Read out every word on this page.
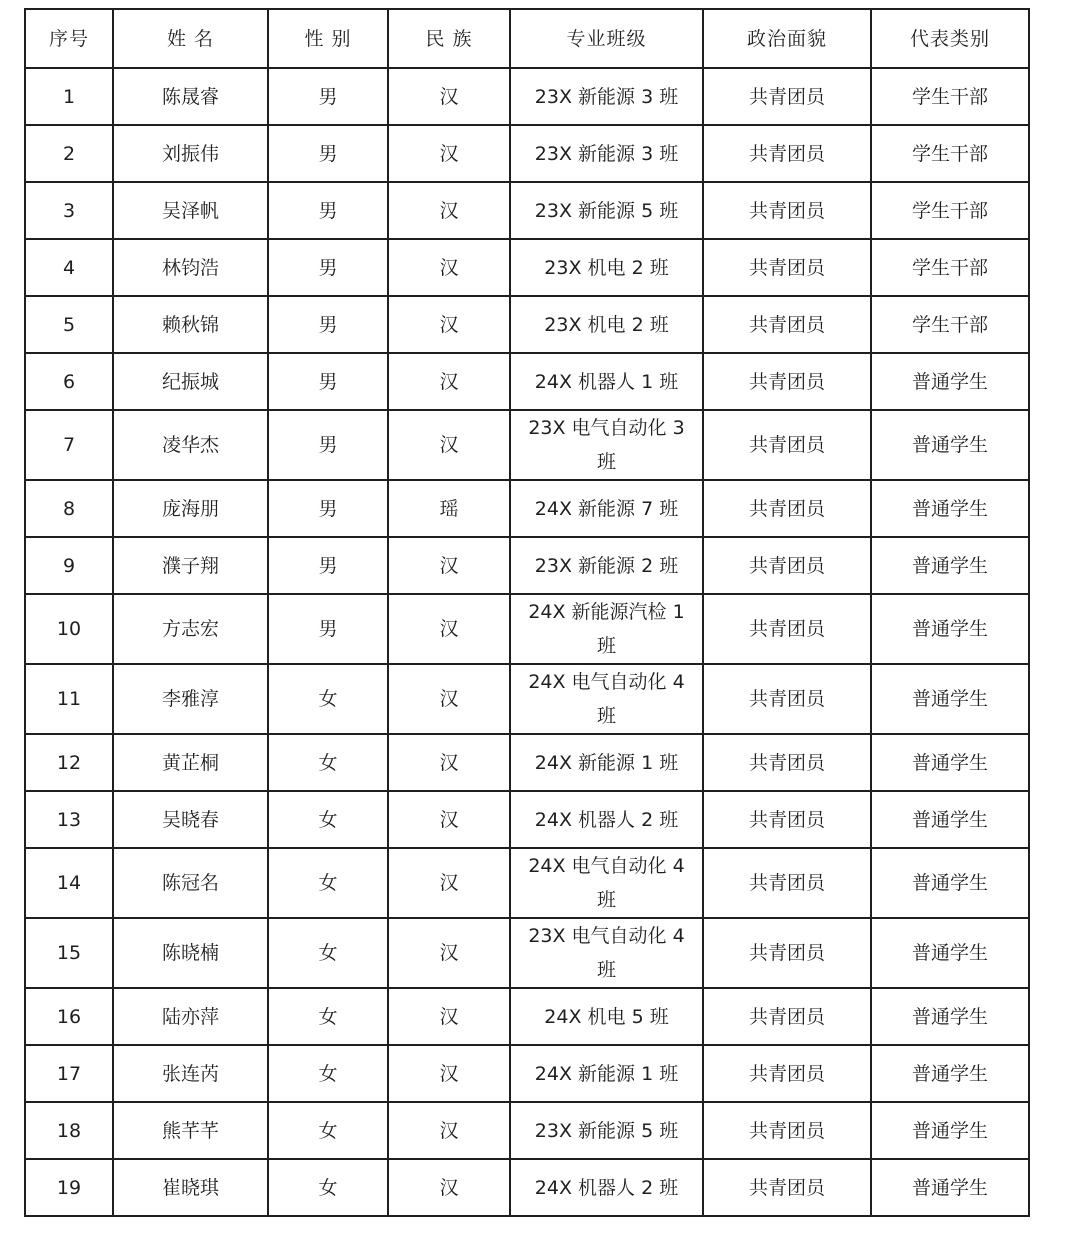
序号	姓 名	性 别	民 族	专业班级	政治面貌	代表类别
1	陈晟睿	男	汉	23X 新能源 3 班	共青团员	学生干部
2	刘振伟	男	汉	23X 新能源 3 班	共青团员	学生干部
3	吴泽帆	男	汉	23X 新能源 5 班	共青团员	学生干部
4	林钧浩	男	汉	23X 机电 2 班	共青团员	学生干部
5	赖秋锦	男	汉	23X 机电 2 班	共青团员	学生干部
6	纪振城	男	汉	24X 机器人 1 班	共青团员	普通学生
7	凌华杰	男	汉	23X 电气自动化 3 班	共青团员	普通学生
8	庞海朋	男	瑶	24X 新能源 7 班	共青团员	普通学生
9	濮子翔	男	汉	23X 新能源 2 班	共青团员	普通学生
10	方志宏	男	汉	24X 新能源汽检 1 班	共青团员	普通学生
11	李雅淳	女	汉	24X 电气自动化 4 班	共青团员	普通学生
12	黄芷桐	女	汉	24X 新能源 1 班	共青团员	普通学生
13	吴晓春	女	汉	24X 机器人 2 班	共青团员	普通学生
14	陈冠名	女	汉	24X 电气自动化 4 班	共青团员	普通学生
15	陈晓楠	女	汉	23X 电气自动化 4 班	共青团员	普通学生
16	陆亦萍	女	汉	24X 机电 5 班	共青团员	普通学生
17	张连芮	女	汉	24X 新能源 1 班	共青团员	普通学生
18	熊芊芊	女	汉	23X 新能源 5 班	共青团员	普通学生
19	崔晓琪	女	汉	24X 机器人 2 班	共青团员	普通学生
